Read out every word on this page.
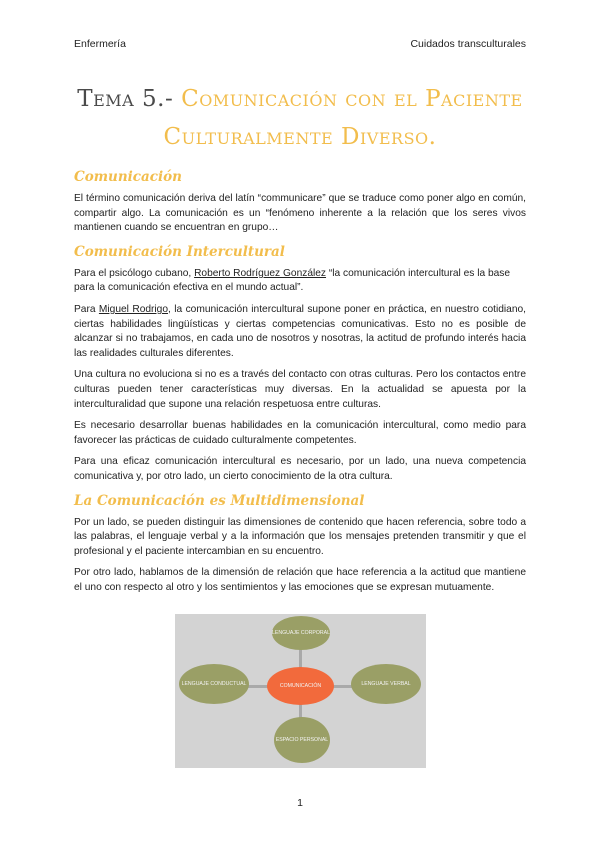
Enfermería	Cuidados transculturales
Tema 5.- Comunicación con el Paciente Culturalmente Diverso.
Comunicación

El término comunicación deriva del latín “communicare” que se traduce como poner algo en común, compartir algo. La comunicación es un “fenómeno inherente a la relación que los seres vivos mantienen cuando se encuentran en grupo…

Comunicación Intercultural

Para el psicólogo cubano, Roberto Rodríguez González “la comunicación intercultural es la base para la comunicación efectiva en el mundo actual”.

Para Miguel Rodrigo, la comunicación intercultural supone poner en práctica, en nuestro cotidiano, ciertas habilidades lingüísticas y ciertas competencias comunicativas. Esto no es posible de alcanzar si no trabajamos, en cada uno de nosotros y nosotras, la actitud de profundo interés hacia las realidades culturales diferentes.

Una cultura no evoluciona si no es a través del contacto con otras culturas. Pero los contactos entre culturas pueden tener características muy diversas. En la actualidad se apuesta por la interculturalidad que supone una relación respetuosa entre culturas.

Es necesario desarrollar buenas habilidades en la comunicación intercultural, como medio para favorecer las prácticas de cuidado culturalmente competentes.

Para una eficaz comunicación intercultural es necesario, por un lado, una nueva competencia comunicativa y, por otro lado, un cierto conocimiento de la otra cultura.

La Comunicación es Multidimensional

Por un lado, se pueden distinguir las dimensiones de contenido que hacen referencia, sobre todo a las palabras, el lenguaje verbal y a la información que los mensajes pretenden transmitir y que el profesional y el paciente intercambian en su encuentro.

Por otro lado, hablamos de la dimensión de relación que hace referencia a la actitud que mantiene el uno con respecto al otro y los sentimientos y las emociones que se expresan mutuamente.

LENGUAJE CORPORAL
LENGUAJE CONDUCTUAL	COMUNICACIÓN	LENGUAJE VERBAL
ESPACIO PERSONAL
1
